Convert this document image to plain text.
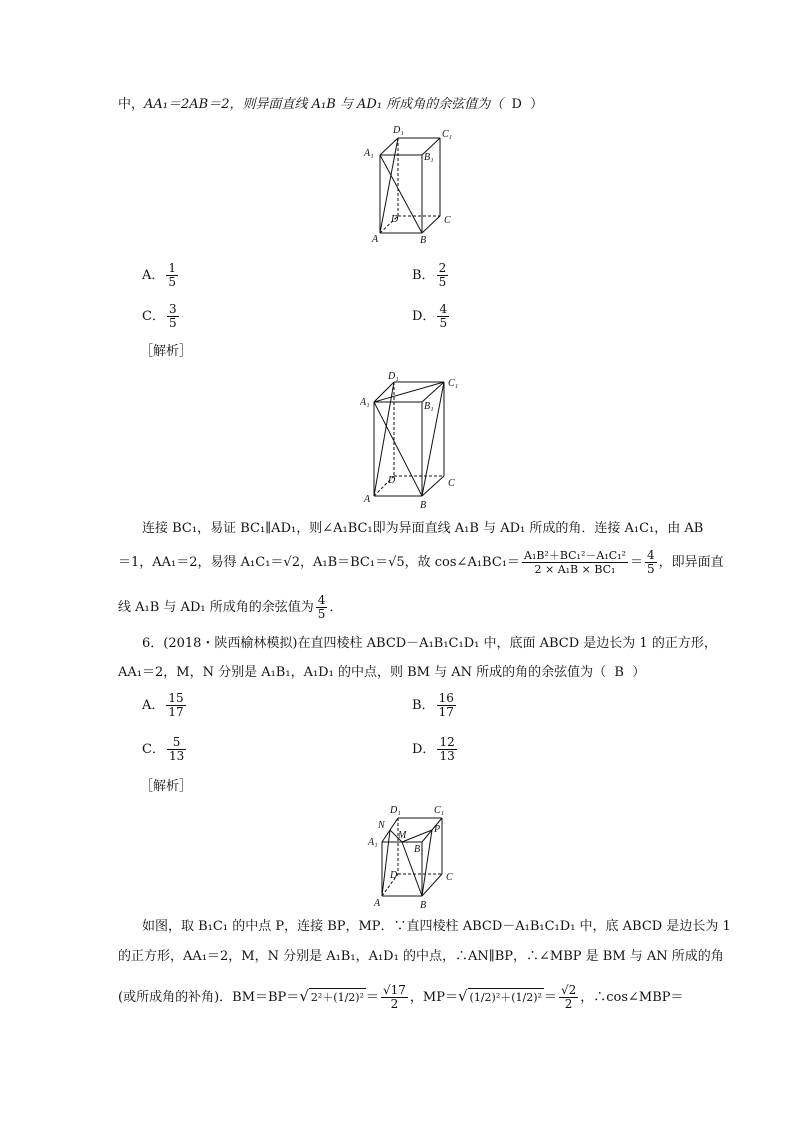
中，AA₁＝2AB＝2，则异面直线 A₁B 与 AD₁ 所成角的余弦值为（ D ）
A₁
D₁	C₁
B₁
D	C
A	B
A． $\frac{1}{5}$	B． $\frac{2}{5}$
C． $\frac{3}{5}$	D． $\frac{4}{5}$
［解析］
A₁
D₁
C₁
B₁
D	C
A
B
连接 BC₁，易证 BC₁∥AD₁，则∠A₁BC₁即为异面直线 A₁B 与 AD₁ 所成的角．连接 A₁C₁，由 AB
＝1，AA₁＝2，易得 A₁C₁＝√2，A₁B＝BC₁＝√5，故 cos∠A₁BC₁＝ $\frac{\text{A₁B²＋BC₁²－A₁C₁²}}{\text{2 × A₁B × BC₁}} = \frac{4}{5}$ ，即异面直
线 A₁B 与 AD₁ 所成角的余弦值为 $\frac{4}{5}$ ．
6．(2018・陕西榆林模拟)在直四棱柱 ABCD－A₁B₁C₁D₁ 中，底面 ABCD 是边长为 1 的正方形，
AA₁＝2，M，N 分别是 A₁B₁，A₁D₁ 的中点，则 BM 与 AN 所成的角的余弦值为（ B ）
A． $\frac{15}{17}$	B． $\frac{16}{17}$
C． $\frac{5}{13}$	D． $\frac{12}{13}$
［解析］
A₁
D₁	C₁
N
M
P
B₁
D	C
A	B
如图，取 B₁C₁ 的中点 P，连接 BP，MP．∵直四棱柱 ABCD－A₁B₁C₁D₁ 中，底 ABCD 是边长为 1
的正方形，AA₁＝2，M，N 分别是 A₁B₁，A₁D₁ 的中点，∴AN∥BP，∴∠MBP 是 BM 与 AN 所成的角
(或所成角的补角)．BM＝BP＝√ $2^2+(1/2)^2 = \frac{√17}{2}$ ，MP＝√ $(1/2)^2+(1/2)^2 = \frac{√2}{2}$ ，∴cos∠MBP＝
